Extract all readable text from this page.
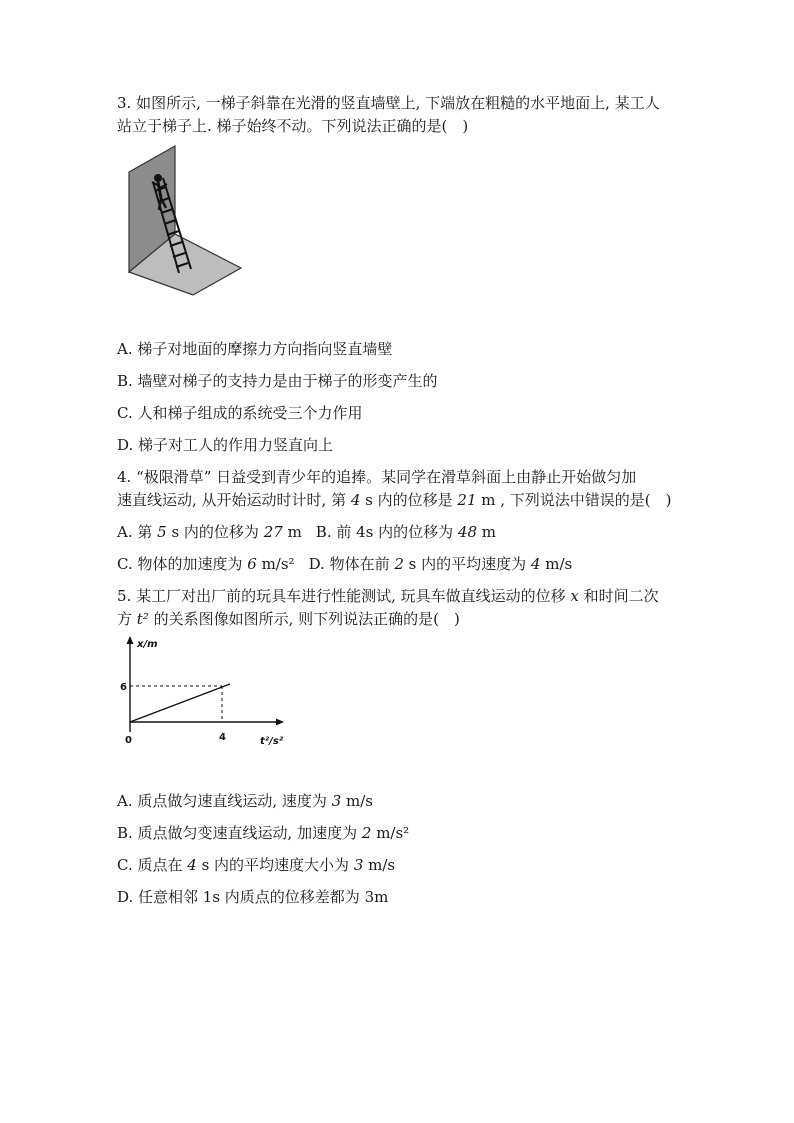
3. 如图所示, 一梯子斜靠在光滑的竖直墙壁上, 下端放在粗糙的水平地面上, 某工人
站立于梯子上. 梯子始终不动。下列说法正确的是(　)
A. 梯子对地面的摩擦力方向指向竖直墙壁
B. 墙壁对梯子的支持力是由于梯子的形变产生的
C. 人和梯子组成的系统受三个力作用
D. 梯子对工人的作用力竖直向上
4. “极限滑草” 日益受到青少年的追捧。某同学在滑草斜面上由静止开始做匀加
速直线运动, 从开始运动时计时, 第 4 s 内的位移是 21 m , 下列说法中错误的是(　)
A. 第 5 s 内的位移为 27 m B. 前 4s 内的位移为 48 m
C. 物体的加速度为 6 m/s² D. 物体在前 2 s 内的平均速度为 4 m/s
5. 某工厂对出厂前的玩具车进行性能测试, 玩具车做直线运动的位移 x 和时间二次
方 t² 的关系图像如图所示, 则下列说法正确的是(　)
x/m
6
0	4	t²/s²
A. 质点做匀速直线运动, 速度为 3 m/s
B. 质点做匀变速直线运动, 加速度为 2 m/s²
C. 质点在 4 s 内的平均速度大小为 3 m/s
D. 任意相邻 1s 内质点的位移差都为 3m
